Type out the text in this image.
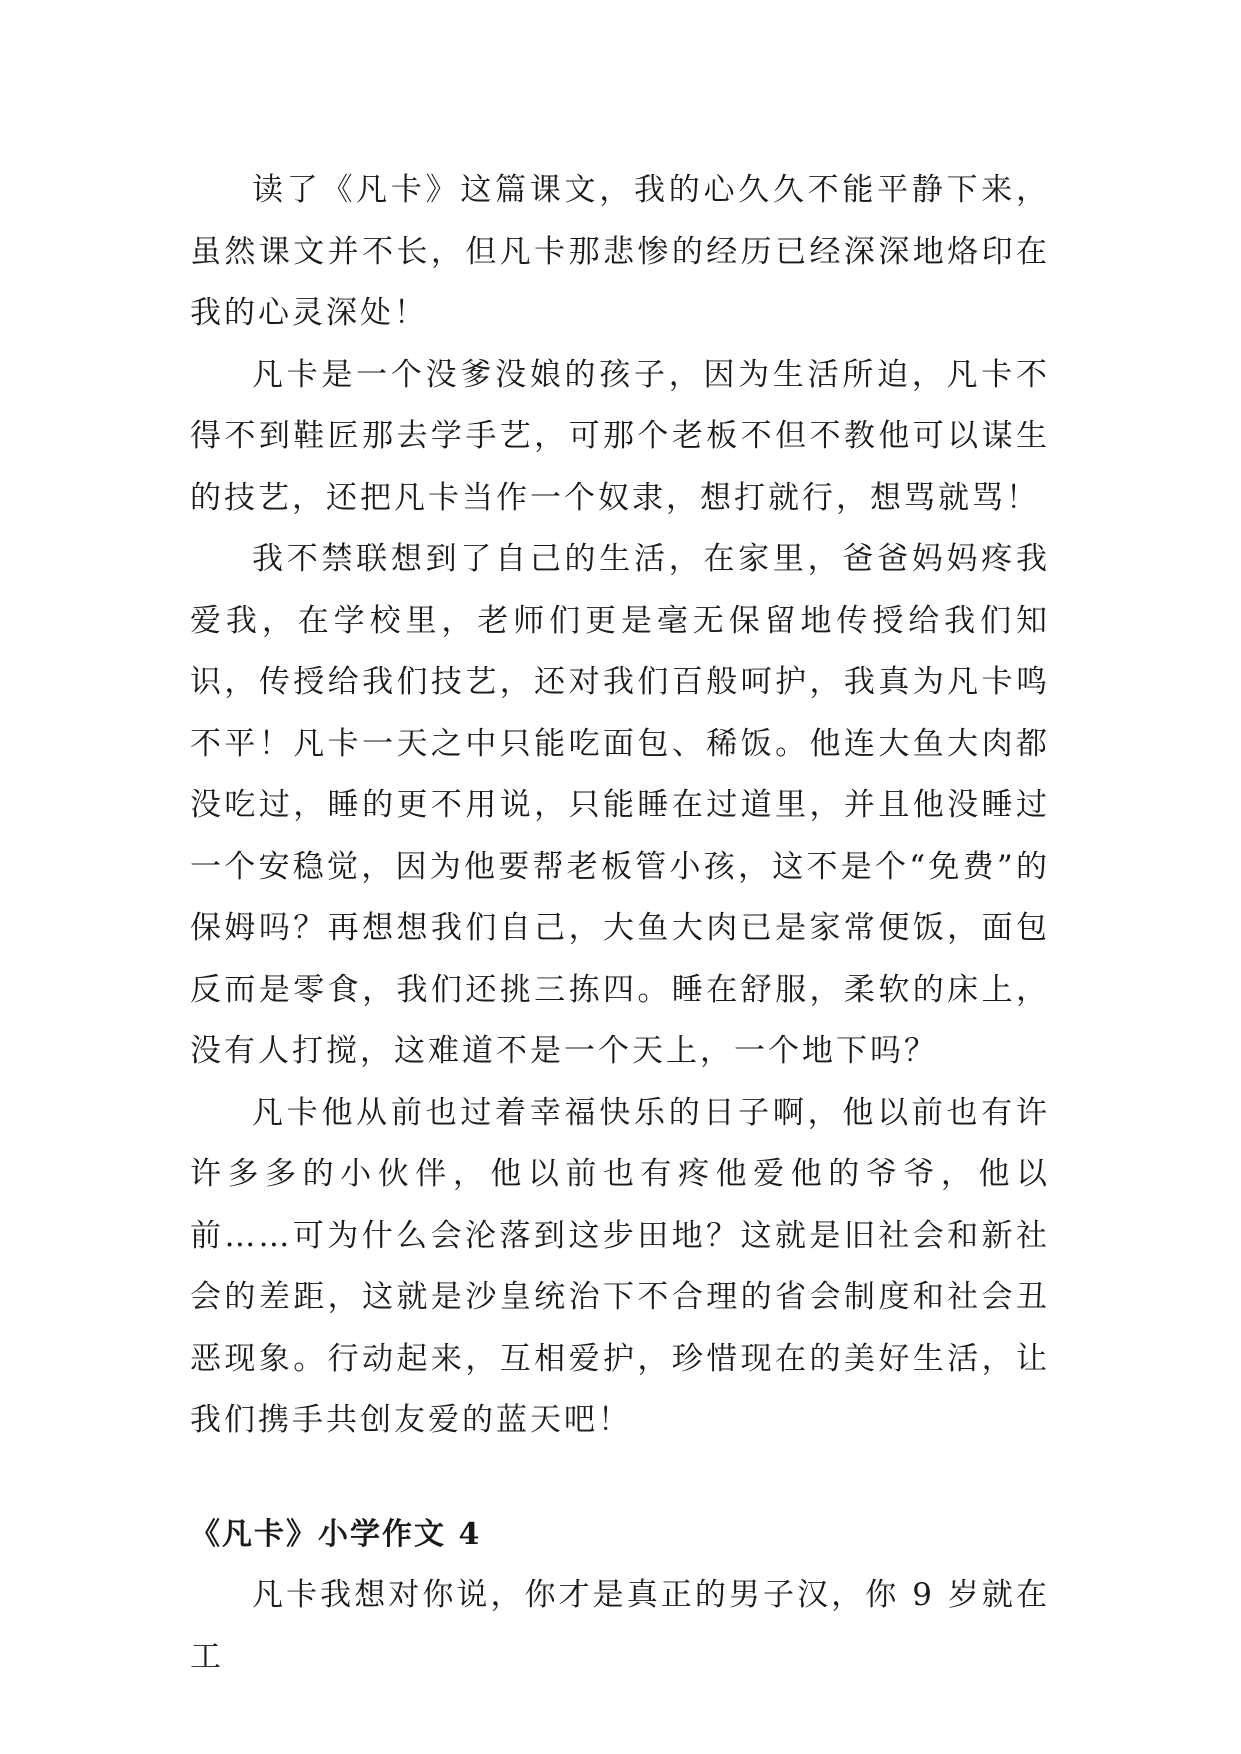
读了《凡卡》这篇课文，我的心久久不能平静下来，虽然课文并不长，但凡卡那悲惨的经历已经深深地烙印在我的心灵深处！

凡卡是一个没爹没娘的孩子，因为生活所迫，凡卡不得不到鞋匠那去学手艺，可那个老板不但不教他可以谋生的技艺，还把凡卡当作一个奴隶，想打就行，想骂就骂！

我不禁联想到了自己的生活，在家里，爸爸妈妈疼我爱我，在学校里，老师们更是毫无保留地传授给我们知识，传授给我们技艺，还对我们百般呵护，我真为凡卡鸣不平！凡卡一天之中只能吃面包、稀饭。他连大鱼大肉都没吃过，睡的更不用说，只能睡在过道里，并且他没睡过一个安稳觉，因为他要帮老板管小孩，这不是个“免费”的保姆吗？再想想我们自己，大鱼大肉已是家常便饭，面包反而是零食，我们还挑三拣四。睡在舒服，柔软的床上，没有人打搅，这难道不是一个天上，一个地下吗？

凡卡他从前也过着幸福快乐的日子啊，他以前也有许许多多的小伙伴，他以前也有疼他爱他的爷爷，他以前……可为什么会沦落到这步田地？这就是旧社会和新社会的差距，这就是沙皇统治下不合理的省会制度和社会丑恶现象。行动起来，互相爱护，珍惜现在的美好生活，让我们携手共创友爱的蓝天吧！

《凡卡》小学作文 4

凡卡我想对你说，你才是真正的男子汉，你 9 岁就在工
